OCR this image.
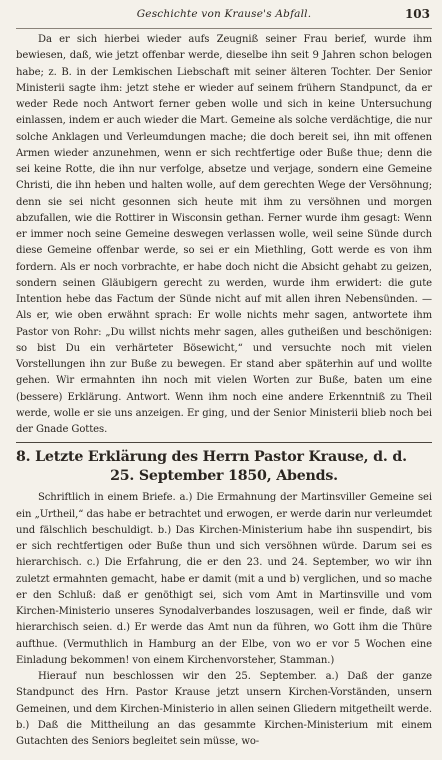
Geschichte von Krause's Abfall.	103

Da er sich hierbei wieder aufs Zeugniß seiner Frau berief, wurde ihm bewiesen, daß, wie jetzt offenbar werde, dieselbe ihn seit 9 Jahren schon belogen habe; z. B. in der Lemkischen Liebschaft mit seiner älteren Tochter. Der Senior Ministerii sagte ihm: jetzt stehe er wieder auf seinem frühern Standpunct, da er weder Rede noch Antwort ferner geben wolle und sich in keine Untersuchung einlassen, indem er auch wieder die Mart. Gemeine als solche verdächtige, die nur solche Anklagen und Verleumdungen mache; die doch bereit sei, ihn mit offenen Armen wieder anzunehmen, wenn er sich rechtfertige oder Buße thue; denn die sei keine Rotte, die ihn nur verfolge, absetze und verjage, sondern eine Gemeine Christi, die ihn heben und halten wolle, auf dem gerechten Wege der Versöhnung; denn sie sei nicht gesonnen sich heute mit ihm zu versöhnen und morgen abzufallen, wie die Rottirer in Wisconsin gethan. Ferner wurde ihm gesagt: Wenn er immer noch seine Gemeine deswegen verlassen wolle, weil seine Sünde durch diese Gemeine offenbar werde, so sei er ein Miethling, Gott werde es von ihm fordern. Als er noch vorbrachte, er habe doch nicht die Absicht gehabt zu geizen, sondern seinen Gläubigern gerecht zu werden, wurde ihm erwidert: die gute Intention hebe das Factum der Sünde nicht auf mit allen ihren Nebensünden. — Als er, wie oben erwähnt sprach: Er wolle nichts mehr sagen, antwortete ihm Pastor von Rohr: „Du willst nichts mehr sagen, alles gutheißen und beschönigen: so bist Du ein verhärteter Bösewicht,“ und versuchte noch mit vielen Vorstellungen ihn zur Buße zu bewegen. Er stand aber späterhin auf und wollte gehen. Wir ermahnten ihn noch mit vielen Worten zur Buße, baten um eine (bessere) Erklärung. Antwort. Wenn ihm noch eine andere Erkenntniß zu Theil werde, wolle er sie uns anzeigen. Er ging, und der Senior Ministerii blieb noch bei der Gnade Gottes.

8. Letzte Erklärung des Herrn Pastor Krause, d. d.
25. September 1850, Abends.

Schriftlich in einem Briefe. a.) Die Ermahnung der Martinsviller Gemeine sei ein „Urtheil,“ das habe er betrachtet und erwogen, er werde darin nur verleumdet und fälschlich beschuldigt. b.) Das Kirchen-Ministerium habe ihn suspendirt, bis er sich rechtfertigen oder Buße thun und sich versöhnen würde. Darum sei es hierarchisch. c.) Die Erfahrung, die er den 23. und 24. September, wo wir ihn zuletzt ermahnten gemacht, habe er damit (mit a und b) verglichen, und so mache er den Schluß: daß er genöthigt sei, sich vom Amt in Martinsville und vom Kirchen-Ministerio unseres Synodalverbandes loszusagen, weil er finde, daß wir hierarchisch seien. d.) Er werde das Amt nun da führen, wo Gott ihm die Thüre aufthue. (Vermuthlich in Hamburg an der Elbe, von wo er vor 5 Wochen eine Einladung bekommen! von einem Kirchenvorsteher, Stamman.)

Hierauf nun beschlossen wir den 25. September. a.) Daß der ganze Standpunct des Hrn. Pastor Krause jetzt unsern Kirchen-Vorständen, unsern Gemeinen, und dem Kirchen-Ministerio in allen seinen Gliedern mitgetheilt werde. b.) Daß die Mittheilung an das gesammte Kirchen-Ministerium mit einem Gutachten des Seniors begleitet sein müsse, wo-
